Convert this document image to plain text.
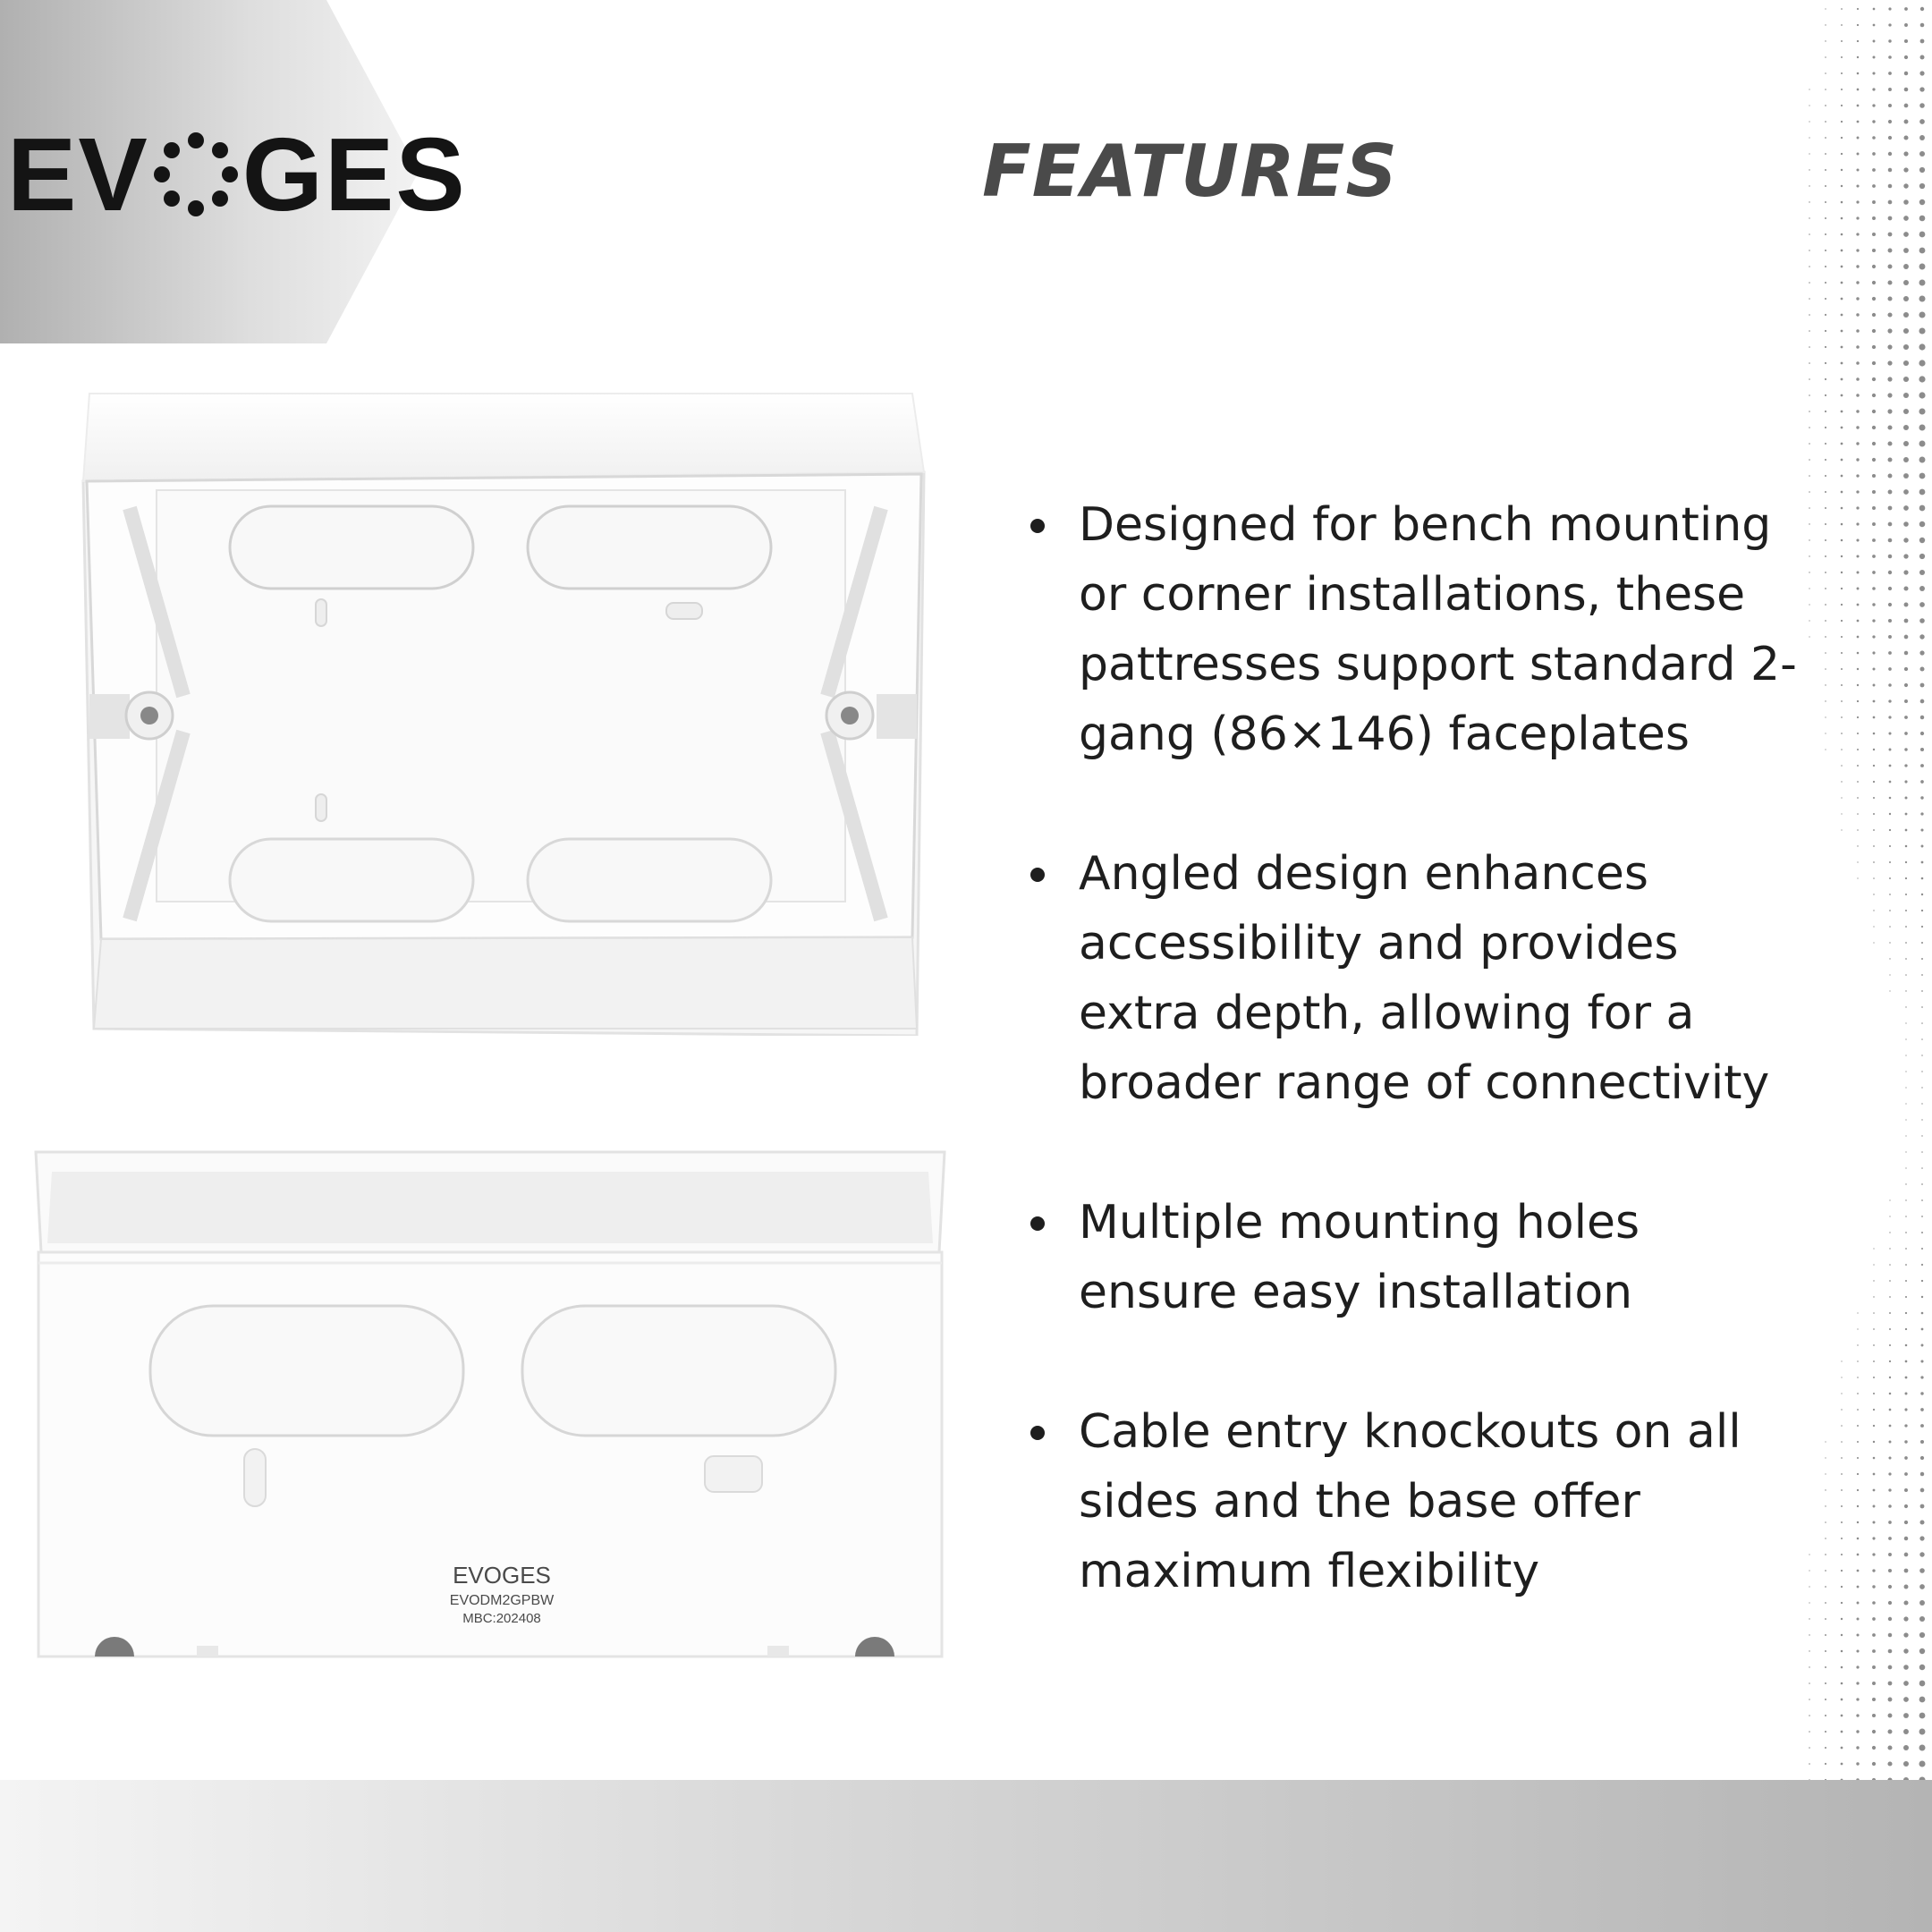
EV GES	FEATURES
EVOGES
EVODM2GPBW
MBC:202408
Designed for bench mounting or corner installations, these pattresses support standard 2-gang (86×146) faceplates
Angled design enhances accessibility and provides extra depth, allowing for a broader range of connectivity
Multiple mounting holes ensure easy installation
Cable entry knockouts on all sides and the base offer maximum flexibility
